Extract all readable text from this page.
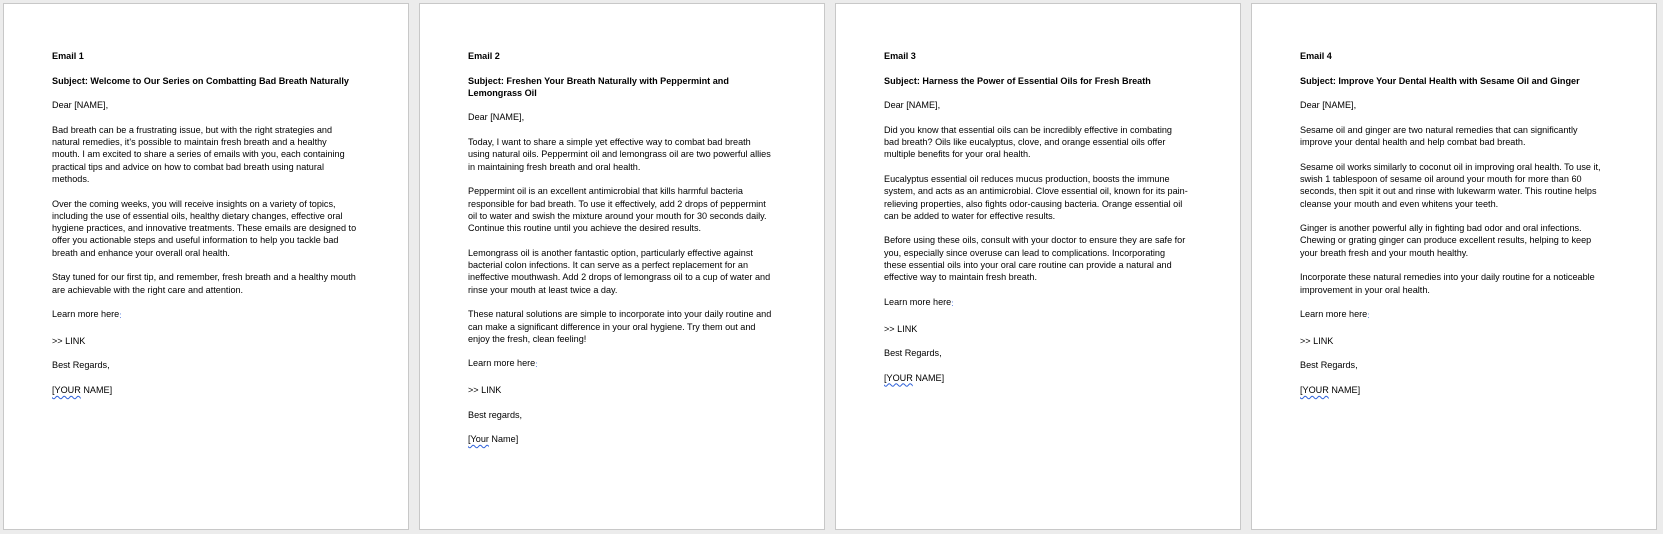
Email 1

Subject: Welcome to Our Series on Combatting Bad Breath Naturally

Dear [NAME],

Bad breath can be a frustrating issue, but with the right strategies and natural remedies, it's possible to maintain fresh breath and a healthy mouth. I am excited to share a series of emails with you, each containing practical tips and advice on how to combat bad breath using natural methods.

Over the coming weeks, you will receive insights on a variety of topics, including the use of essential oils, healthy dietary changes, effective oral hygiene practices, and innovative treatments. These emails are designed to offer you actionable steps and useful information to help you tackle bad breath and enhance your overall oral health.

Stay tuned for our first tip, and remember, fresh breath and a healthy mouth are achievable with the right care and attention.

Learn more here:

>> LINK

Best Regards,

[YOUR NAME]

Email 2

Subject: Freshen Your Breath Naturally with Peppermint and Lemongrass Oil

Dear [NAME],

Today, I want to share a simple yet effective way to combat bad breath using natural oils. Peppermint oil and lemongrass oil are two powerful allies in maintaining fresh breath and oral health.

Peppermint oil is an excellent antimicrobial that kills harmful bacteria responsible for bad breath. To use it effectively, add 2 drops of peppermint oil to water and swish the mixture around your mouth for 30 seconds daily. Continue this routine until you achieve the desired results.

Lemongrass oil is another fantastic option, particularly effective against bacterial colon infections. It can serve as a perfect replacement for an ineffective mouthwash. Add 2 drops of lemongrass oil to a cup of water and rinse your mouth at least twice a day.

These natural solutions are simple to incorporate into your daily routine and can make a significant difference in your oral hygiene. Try them out and enjoy the fresh, clean feeling!

Learn more here:

>> LINK

Best regards,

[Your Name]

Email 3

Subject: Harness the Power of Essential Oils for Fresh Breath

Dear [NAME],

Did you know that essential oils can be incredibly effective in combating bad breath? Oils like eucalyptus, clove, and orange essential oils offer multiple benefits for your oral health.

Eucalyptus essential oil reduces mucus production, boosts the immune system, and acts as an antimicrobial. Clove essential oil, known for its pain-relieving properties, also fights odor-causing bacteria. Orange essential oil can be added to water for effective results.

Before using these oils, consult with your doctor to ensure they are safe for you, especially since overuse can lead to complications. Incorporating these essential oils into your oral care routine can provide a natural and effective way to maintain fresh breath.

Learn more here:

>> LINK

Best Regards,

[YOUR NAME]

Email 4

Subject: Improve Your Dental Health with Sesame Oil and Ginger

Dear [NAME],

Sesame oil and ginger are two natural remedies that can significantly improve your dental health and help combat bad breath.

Sesame oil works similarly to coconut oil in improving oral health. To use it, swish 1 tablespoon of sesame oil around your mouth for more than 60 seconds, then spit it out and rinse with lukewarm water. This routine helps cleanse your mouth and even whitens your teeth.

Ginger is another powerful ally in fighting bad odor and oral infections. Chewing or grating ginger can produce excellent results, helping to keep your breath fresh and your mouth healthy.

Incorporate these natural remedies into your daily routine for a noticeable improvement in your oral health.

Learn more here:

>> LINK

Best Regards,

[YOUR NAME]
